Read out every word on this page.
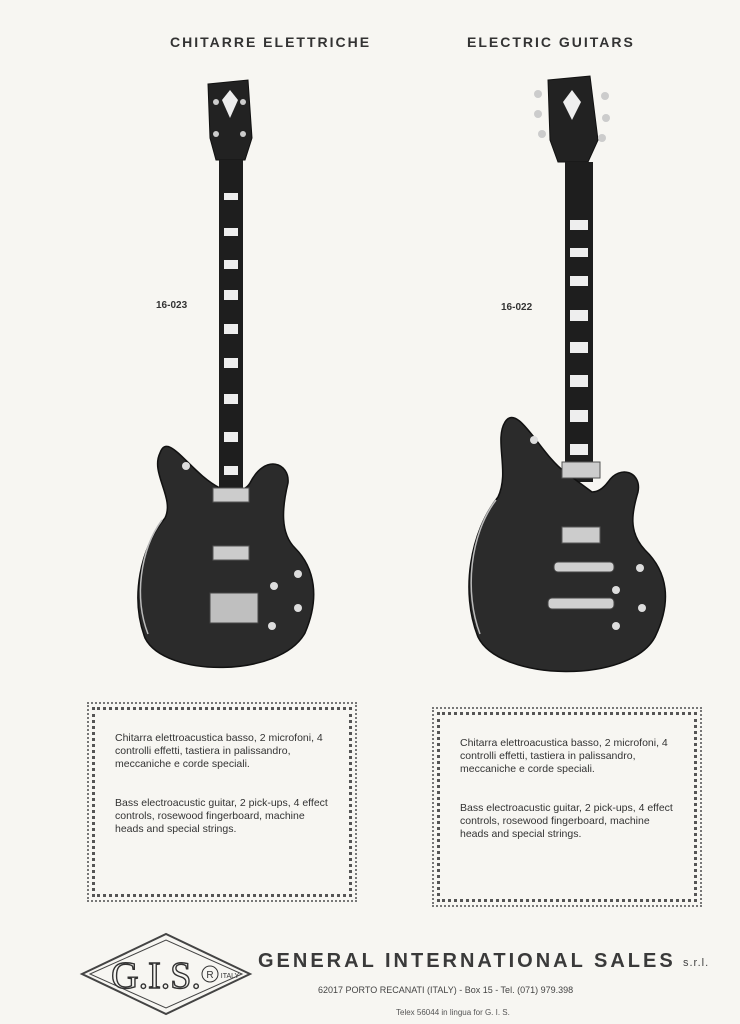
CHITARRE ELETTRICHE	ELECTRIC GUITARS
16-023	16-022

Chitarra elettroacustica basso, 2 microfoni, 4 controlli effetti, tastiera in palissandro, meccaniche e corde speciali.

Bass electroacustic guitar, 2 pick-ups, 4 effect controls, rosewood fingerboard, machine heads and special strings.

Chitarra elettroacustica basso, 2 microfoni, 4 controlli effetti, tastiera in palissandro, meccaniche e corde speciali.

Bass electroacustic guitar, 2 pick-ups, 4 effect controls, rosewood fingerboard, machine heads and special strings.

G.I.S. R ITALY
GENERAL INTERNATIONAL SALES s.r.l.
62017 PORTO RECANATI (ITALY) - Box 15 - Tel. (071) 979.398
Telex 56044 in lingua for G. I. S.
